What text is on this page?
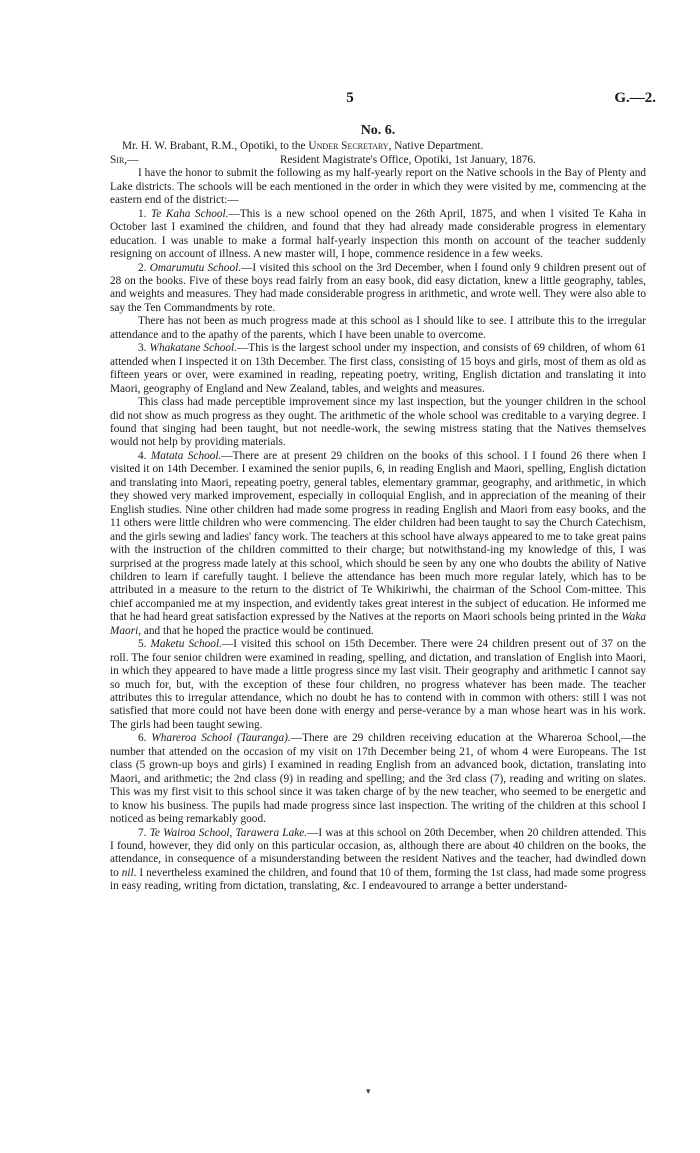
5	G.—2.
No. 6.

Mr. H. W. Brabant, R.M., Opotiki, to the Under Secretary, Native Department.

Sir,—	Resident Magistrate's Office, Opotiki, 1st January, 1876.

I have the honor to submit the following as my half-yearly report on the Native schools in the Bay of Plenty and Lake districts. The schools will be each mentioned in the order in which they were visited by me, commencing at the eastern end of the district:—

1. Te Kaha School.—This is a new school opened on the 26th April, 1875, and when I visited Te Kaha in October last I examined the children, and found that they had already made considerable progress in elementary education. I was unable to make a formal half-yearly inspection this month on account of the teacher suddenly resigning on account of illness. A new master will, I hope, commence residence in a few weeks.

2. Omarumutu School.—I visited this school on the 3rd December, when I found only 9 children present out of 28 on the books. Five of these boys read fairly from an easy book, did easy dictation, knew a little geography, tables, and weights and measures. They had made considerable progress in arithmetic, and wrote well. They were also able to say the Ten Commandments by rote.

There has not been as much progress made at this school as I should like to see. I attribute this to the irregular attendance and to the apathy of the parents, which I have been unable to overcome.

3. Whakatane School.—This is the largest school under my inspection, and consists of 69 children, of whom 61 attended when I inspected it on 13th December. The first class, consisting of 15 boys and girls, most of them as old as fifteen years or over, were examined in reading, repeating poetry, writing, English dictation and translating it into Maori, geography of England and New Zealand, tables, and weights and measures.

This class had made perceptible improvement since my last inspection, but the younger children in the school did not show as much progress as they ought. The arithmetic of the whole school was creditable to a varying degree. I found that singing had been taught, but not needle-work, the sewing mistress stating that the Natives themselves would not help by providing materials.

4. Matata School.—There are at present 29 children on the books of this school. I I found 26 there when I visited it on 14th December. I examined the senior pupils, 6, in reading English and Maori, spelling, English dictation and translating into Maori, repeating poetry, general tables, elementary grammar, geography, and arithmetic, in which they showed very marked improvement, especially in colloquial English, and in appreciation of the meaning of their English studies. Nine other children had made some progress in reading English and Maori from easy books, and the 11 others were little children who were commencing. The elder children had been taught to say the Church Catechism, and the girls sewing and ladies' fancy work. The teachers at this school have always appeared to me to take great pains with the instruction of the children committed to their charge; but notwithstand-ing my knowledge of this, I was surprised at the progress made lately at this school, which should be seen by any one who doubts the ability of Native children to learn if carefully taught. I believe the attendance has been much more regular lately, which has to be attributed in a measure to the return to the district of Te Whikiriwhi, the chairman of the School Com-mittee. This chief accompanied me at my inspection, and evidently takes great interest in the subject of education. He informed me that he had heard great satisfaction expressed by the Natives at the reports on Maori schools being printed in the Waka Maori, and that he hoped the practice would be continued.

5. Maketu School.—I visited this school on 15th December. There were 24 children present out of 37 on the roll. The four senior children were examined in reading, spelling, and dictation, and translation of English into Maori, in which they appeared to have made a little progress since my last visit. Their geography and arithmetic I cannot say so much for, but, with the exception of these four children, no progress whatever has been made. The teacher attributes this to irregular attendance, which no doubt he has to contend with in common with others: still I was not satisfied that more could not have been done with energy and perse-verance by a man whose heart was in his work. The girls had been taught sewing.

6. Whareroa School (Tauranga).—There are 29 children receiving education at the Whareroa School,—the number that attended on the occasion of my visit on 17th December being 21, of whom 4 were Europeans. The 1st class (5 grown-up boys and girls) I examined in reading English from an advanced book, dictation, translating into Maori, and arithmetic; the 2nd class (9) in reading and spelling; and the 3rd class (7), reading and writing on slates. This was my first visit to this school since it was taken charge of by the new teacher, who seemed to be energetic and to know his business. The pupils had made progress since last inspection. The writing of the children at this school I noticed as being remarkably good.

7. Te Wairoa School, Tarawera Lake.—I was at this school on 20th December, when 20 children attended. This I found, however, they did only on this particular occasion, as, although there are about 40 children on the books, the attendance, in consequence of a misunderstanding between the resident Natives and the teacher, had dwindled down to nil. I nevertheless examined the children, and found that 10 of them, forming the 1st class, had made some progress in easy reading, writing from dictation, translating, &c. I endeavoured to arrange a better understand-

▾
